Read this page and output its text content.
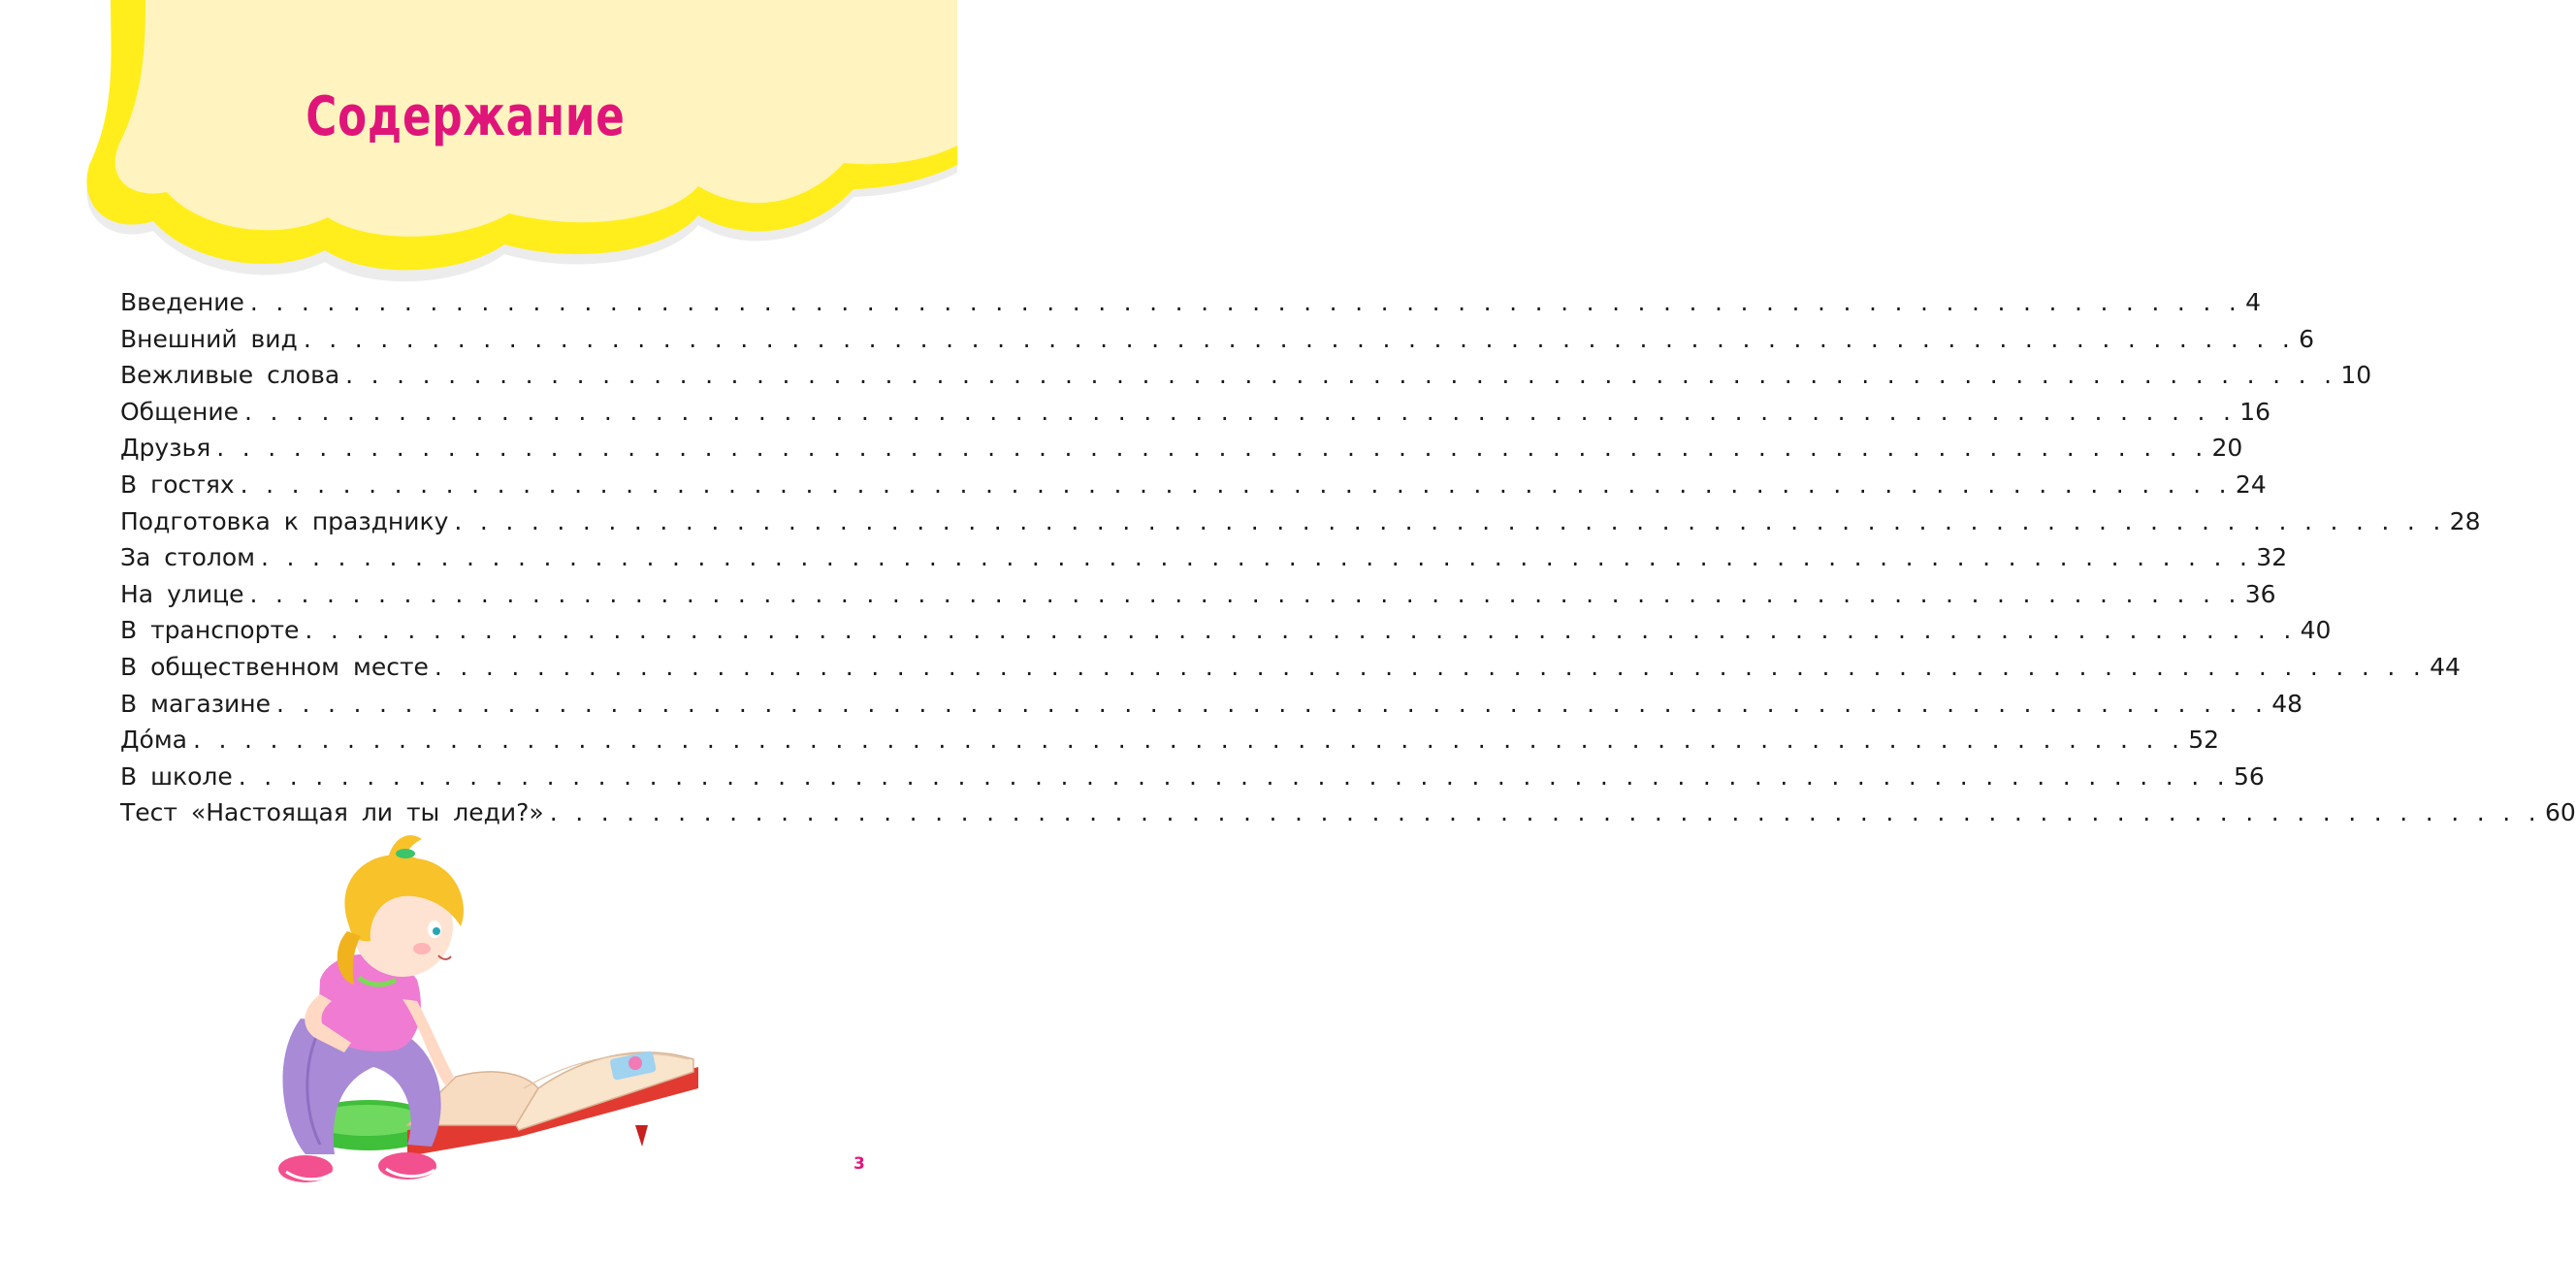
Содержание
Введение . . . . . . . . . . . . . . . . . . . . . . . . . . . . . . . . . . . . . . . . . . . . . . . . . . . . . . . . . . . . . . . . . . . . . . . . . . . . . . 4
Внешний вид . . . . . . . . . . . . . . . . . . . . . . . . . . . . . . . . . . . . . . . . . . . . . . . . . . . . . . . . . . . . . . . . . . . . . . . . . . . . . . 6
Вежливые слова . . . . . . . . . . . . . . . . . . . . . . . . . . . . . . . . . . . . . . . . . . . . . . . . . . . . . . . . . . . . . . . . . . . . . . . . . . . . . . 10
Общение . . . . . . . . . . . . . . . . . . . . . . . . . . . . . . . . . . . . . . . . . . . . . . . . . . . . . . . . . . . . . . . . . . . . . . . . . . . . . . 16
Друзья . . . . . . . . . . . . . . . . . . . . . . . . . . . . . . . . . . . . . . . . . . . . . . . . . . . . . . . . . . . . . . . . . . . . . . . . . . . . . . 20
В гостях . . . . . . . . . . . . . . . . . . . . . . . . . . . . . . . . . . . . . . . . . . . . . . . . . . . . . . . . . . . . . . . . . . . . . . . . . . . . . . 24
Подготовка к празднику . . . . . . . . . . . . . . . . . . . . . . . . . . . . . . . . . . . . . . . . . . . . . . . . . . . . . . . . . . . . . . . . . . . . . . . . . . . . . . 28
За столом . . . . . . . . . . . . . . . . . . . . . . . . . . . . . . . . . . . . . . . . . . . . . . . . . . . . . . . . . . . . . . . . . . . . . . . . . . . . . . 32
На улице . . . . . . . . . . . . . . . . . . . . . . . . . . . . . . . . . . . . . . . . . . . . . . . . . . . . . . . . . . . . . . . . . . . . . . . . . . . . . . 36
В транспорте . . . . . . . . . . . . . . . . . . . . . . . . . . . . . . . . . . . . . . . . . . . . . . . . . . . . . . . . . . . . . . . . . . . . . . . . . . . . . . 40
В общественном месте . . . . . . . . . . . . . . . . . . . . . . . . . . . . . . . . . . . . . . . . . . . . . . . . . . . . . . . . . . . . . . . . . . . . . . . . . . . . . . 44
В магазине . . . . . . . . . . . . . . . . . . . . . . . . . . . . . . . . . . . . . . . . . . . . . . . . . . . . . . . . . . . . . . . . . . . . . . . . . . . . . . 48
До́ма . . . . . . . . . . . . . . . . . . . . . . . . . . . . . . . . . . . . . . . . . . . . . . . . . . . . . . . . . . . . . . . . . . . . . . . . . . . . . . 52
В школе . . . . . . . . . . . . . . . . . . . . . . . . . . . . . . . . . . . . . . . . . . . . . . . . . . . . . . . . . . . . . . . . . . . . . . . . . . . . . . 56
Тест «Настоящая ли ты леди?» . . . . . . . . . . . . . . . . . . . . . . . . . . . . . . . . . . . . . . . . . . . . . . . . . . . . . . . . . . . . . . . . . . . . . . . . . . . . . . 60
3
